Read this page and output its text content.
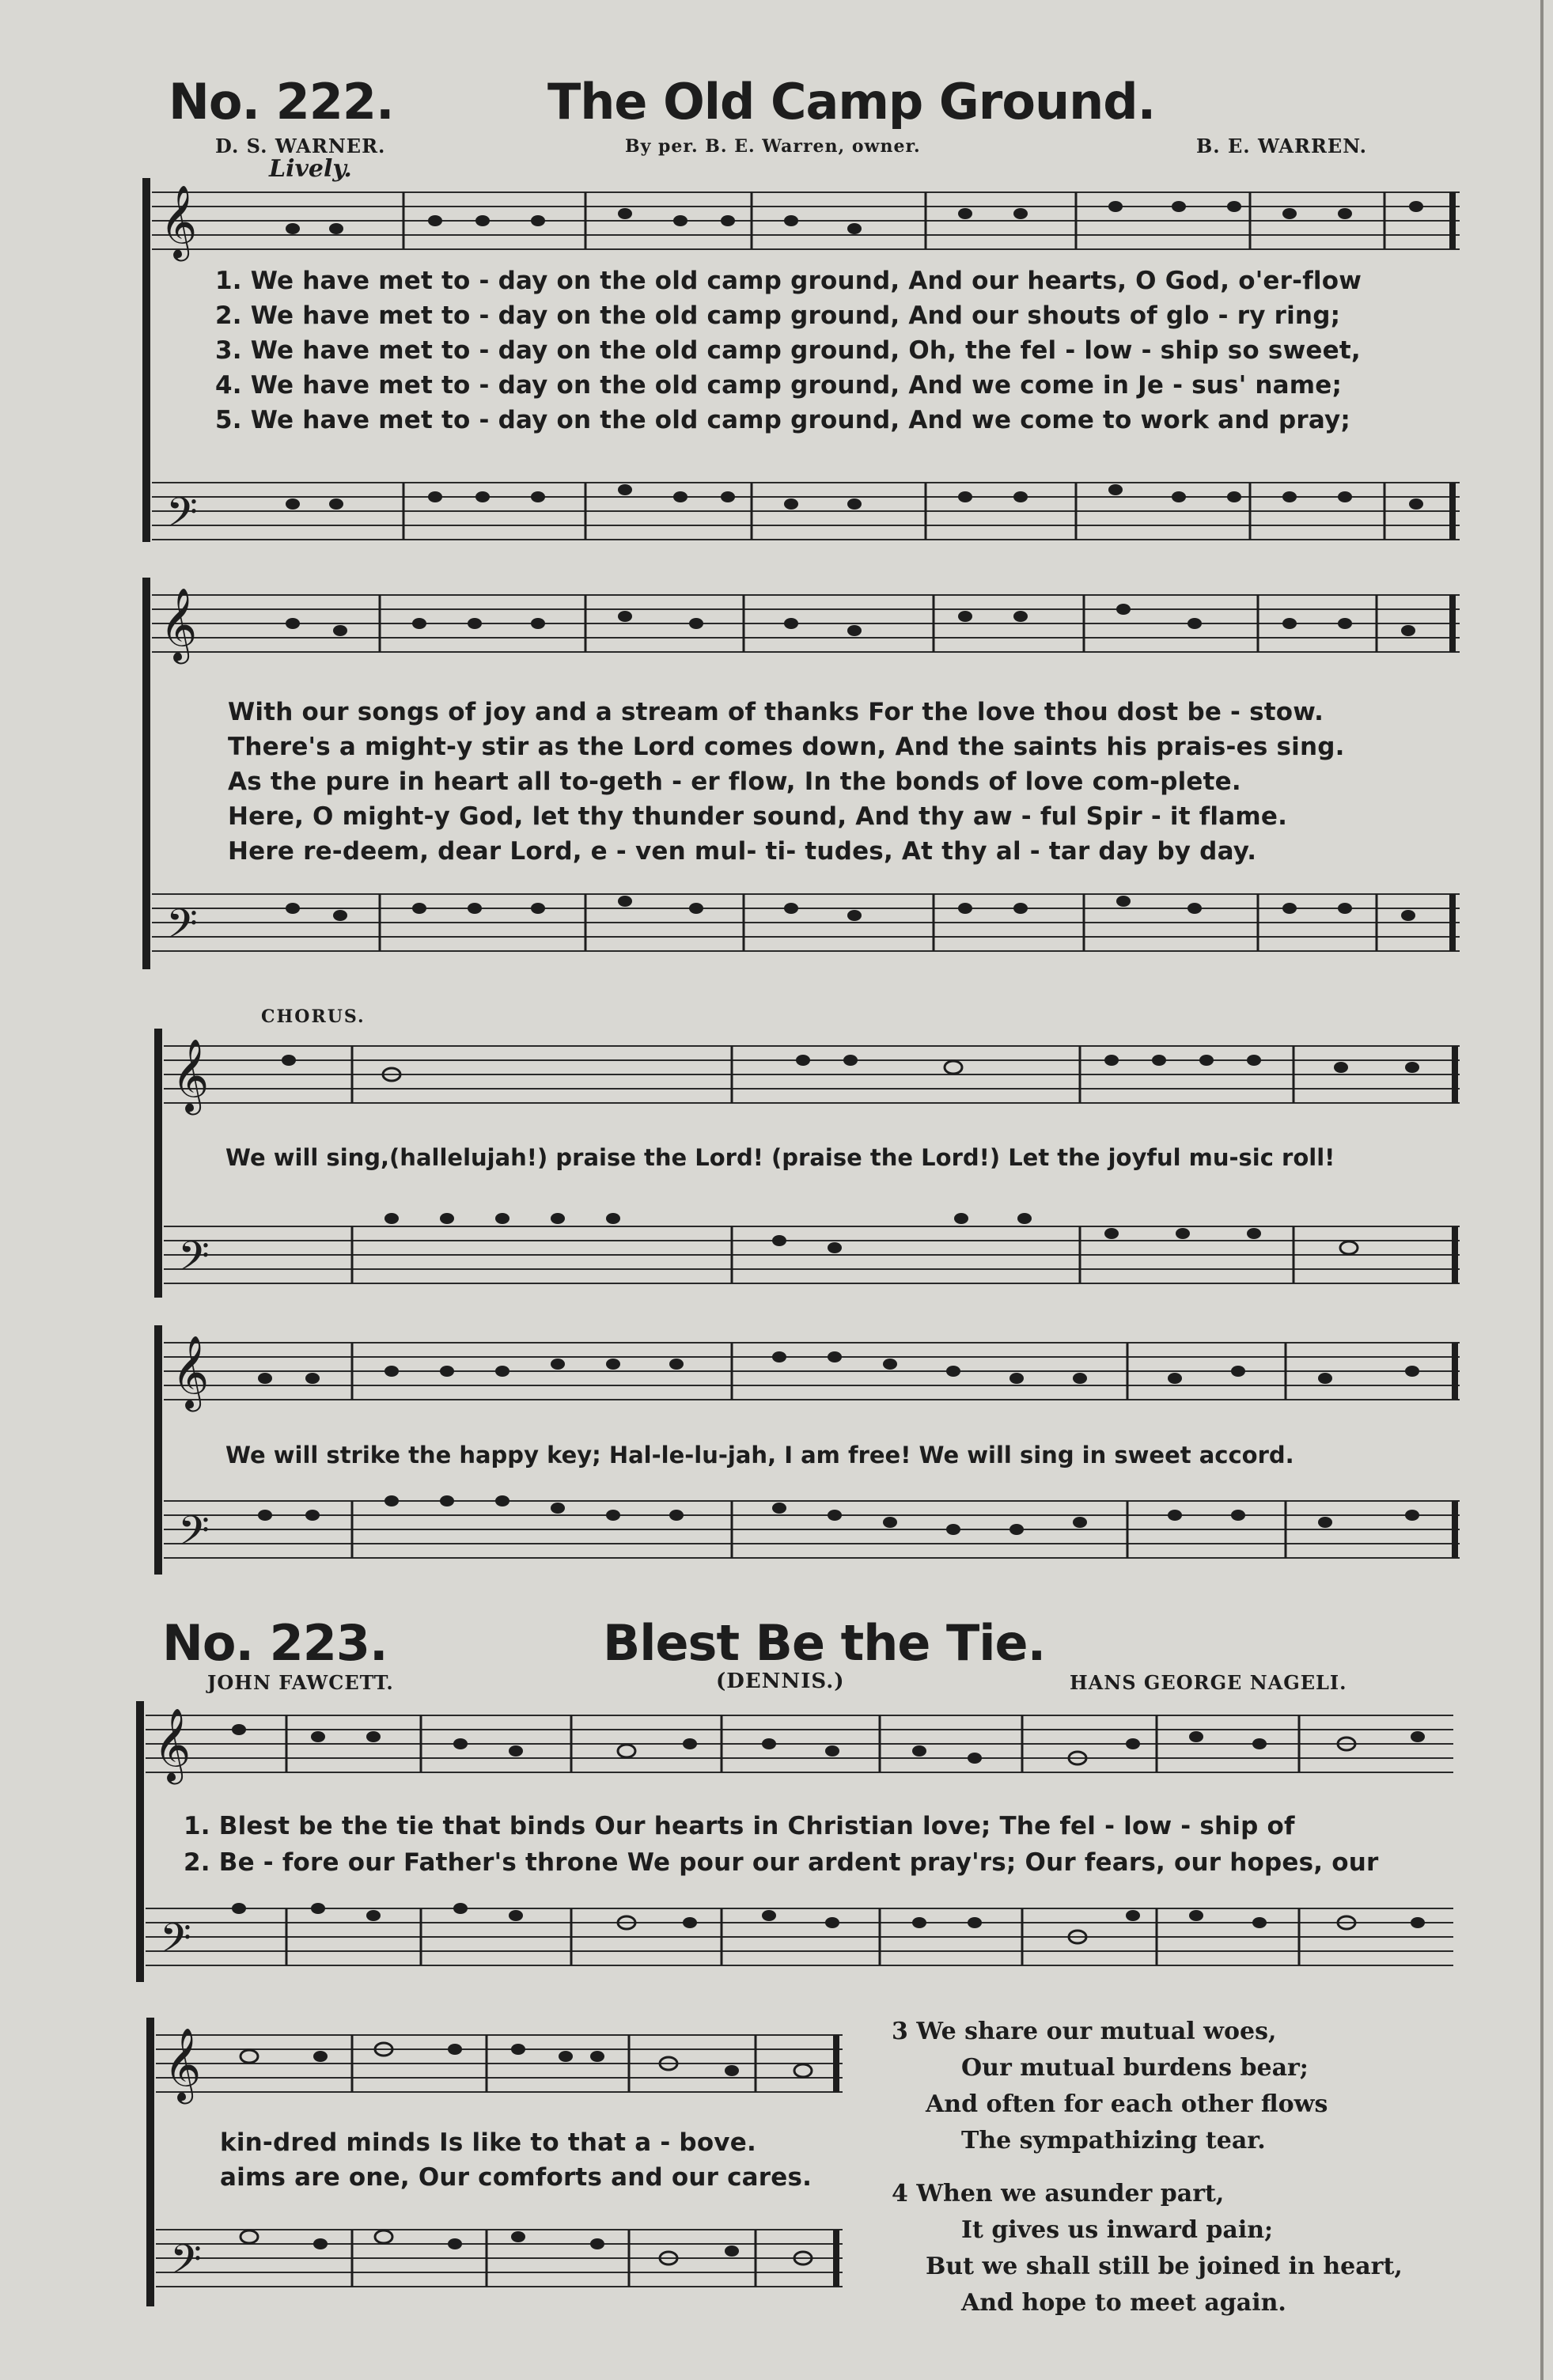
No. 222.	The Old Camp Ground.
D. S. WARNER.	By per. B. E. Warren, owner.	B. E. WARREN.
Lively.
𝄞
𝄢
1. We have met to - day on the old camp ground, And our hearts, O God, o'er-flow
2. We have met to - day on the old camp ground, And our shouts of glo - ry ring;
3. We have met to - day on the old camp ground, Oh, the fel - low - ship so sweet,
4. We have met to - day on the old camp ground, And we come in Je - sus' name;
5. We have met to - day on the old camp ground, And we come to work and pray;
𝄞
𝄢
With our songs of joy and a stream of thanks For the love thou dost be - stow.
There's a might-y stir as the Lord comes down, And the saints his prais-es sing.
As the pure in heart all to-geth - er flow, In the bonds of love com-plete.
Here, O might-y God, let thy thunder sound, And thy aw - ful Spir - it flame.
Here re-deem, dear Lord, e - ven mul- ti- tudes, At thy al - tar day by day.
CHORUS.
𝄞
𝄢
We will sing,(hallelujah!) praise the Lord! (praise the Lord!) Let the joyful mu-sic roll!
𝄞
𝄢
We will strike the happy key; Hal-le-lu-jah, I am free! We will sing in sweet accord.
No. 223.	Blest Be the Tie.
JOHN FAWCETT.	(DENNIS.)	HANS GEORGE NAGELI.
𝄞
𝄢
1. Blest be the tie that binds Our hearts in Christian love; The fel - low - ship of
2. Be - fore our Father's throne We pour our ardent pray'rs; Our fears, our hopes, our
𝄞
𝄢
kin-dred minds Is like to that a - bove.
aims are one, Our comforts and our cares.
3 We share our mutual woes,
Our mutual burdens bear;
And often for each other flows
The sympathizing tear.
4 When we asunder part,
It gives us inward pain;
But we shall still be joined in heart,
And hope to meet again.
